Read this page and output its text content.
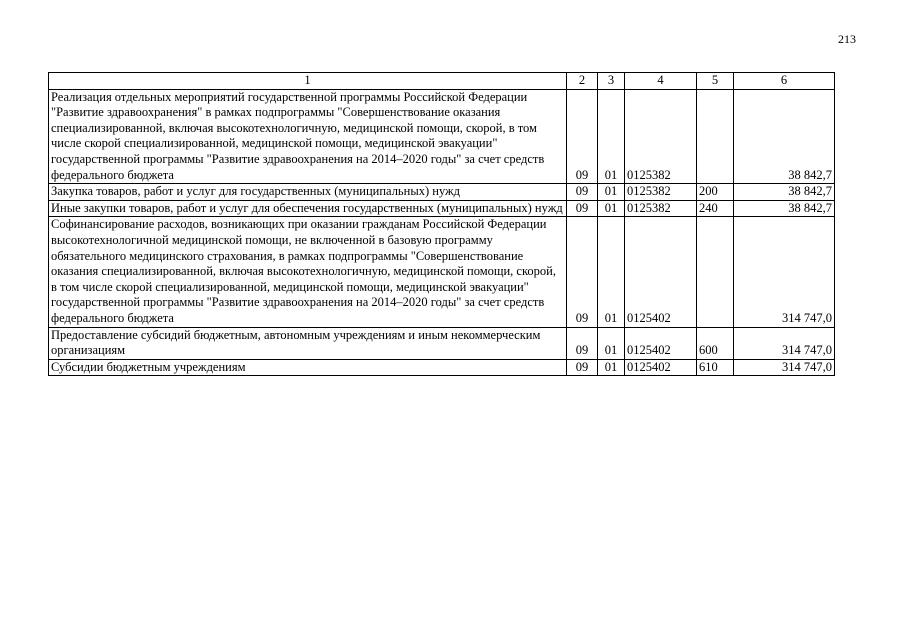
213
1	2	3	4	5	6
Реализация отдельных мероприятий государственной программы Российской Федерации "Развитие здравоохранения" в рамках подпрограммы "Совершенствование оказания специализированной, включая высокотехнологичную, медицинской помощи, скорой, в том числе скорой специализированной, медицинской помощи, медицинской эвакуации" государственной программы "Развитие здравоохранения на 2014–2020 годы" за счет средств федерального бюджета	09	01	0125382		38 842,7
Закупка товаров, работ и услуг для государственных (муниципальных) нужд	09	01	0125382	200	38 842,7
Иные закупки товаров, работ и услуг для обеспечения государственных (муниципальных) нужд	09	01	0125382	240	38 842,7
Софинансирование расходов, возникающих при оказании гражданам Российской Федерации высокотехнологичной медицинской помощи, не включенной в базовую программу обязательного медицинского страхования, в рамках подпрограммы "Совершенствование оказания специализированной, включая высокотехнологичную, медицинской помощи, скорой, в том числе скорой специализированной, медицинской помощи, медицинской эвакуации" государственной программы "Развитие здравоохранения на 2014–2020 годы" за счет средств федерального бюджета	09	01	0125402		314 747,0
Предоставление субсидий бюджетным, автономным учреждениям и иным некоммерческим организациям	09	01	0125402	600	314 747,0
Субсидии бюджетным учреждениям	09	01	0125402	610	314 747,0
